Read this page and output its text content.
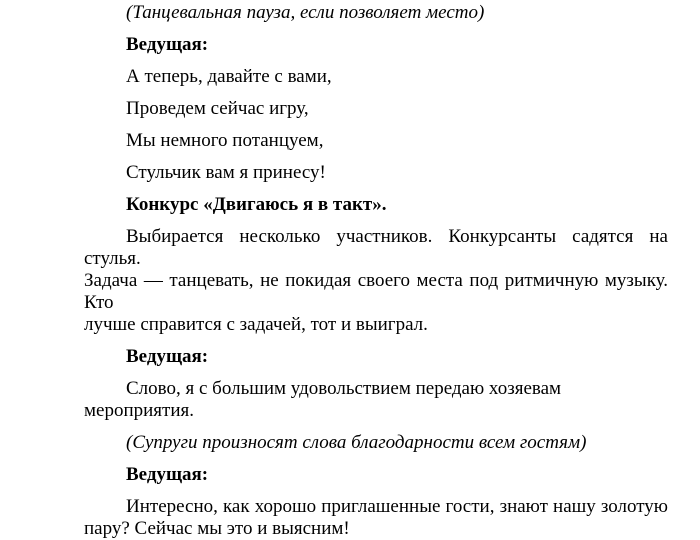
(Танцевальная пауза, если позволяет место)
Ведущая:
А теперь, давайте с вами,
Проведем сейчас игру,
Мы немного потанцуем,
Стульчик вам я принесу!
Конкурс «Двигаюсь я в такт».
Выбирается несколько участников. Конкурсанты садятся на стулья.
Задача — танцевать, не покидая своего места под ритмичную музыку. Кто
лучше справится с задачей, тот и выиграл.
Ведущая:
Слово, я с большим удовольствием передаю хозяевам мероприятия.
(Супруги произносят слова благодарности всем гостям)
Ведущая:
Интересно, как хорошо приглашенные гости, знают нашу золотую
пару? Сейчас мы это и выясним!
